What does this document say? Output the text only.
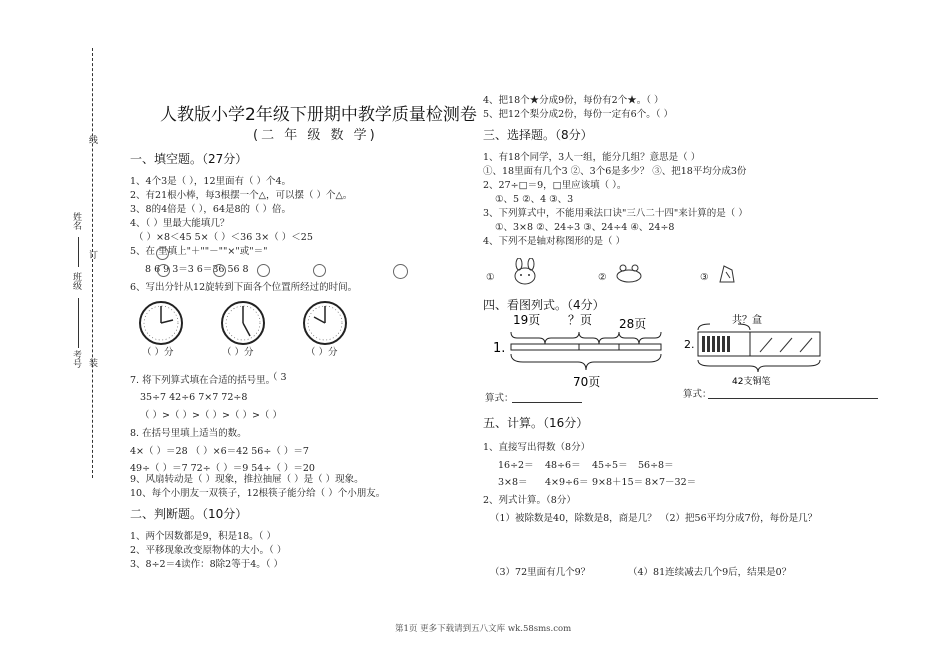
线
姓名
订
班级
考号 装
人教版小学2年级下册期中教学质量检测卷
(二 年 级 数 学)
一、填空题。（27分）
1、4个3是（ ），12里面有（ ）个4。
2、有21根小棒，每3根摆一个△，可以摆（ ）个△。
3、8的4倍是（ ），64是8的（ ）倍。
4、（ ）里最大能填几？
（ ）×8＜45 5×（ ）＜36 3×（ ）＜25
5、在 里填上"＋""－""×"或"＝"
8 6 9 3＝3 6＝36 56 8
6、写出分针从12旋转到下面各个位置所经过的时间。
（ ）分	（ ）分	（ ）分
7. 将下列算式填在合适的括号里。
（ 3
35÷7 42÷6 7×7 72÷8
（ ）>（ ）>（ ）>（ ）>（ ）
8. 在括号里填上适当的数。
4×（ ）＝28 （ ）×6＝42 56÷（ ）＝7
49÷（ ）＝7 72÷（ ）＝9 54÷（ ）＝20
9、风扇转动是（ ）现象，推拉抽屉（ ）是（ ）现象。
10、每个小朋友一双筷子，12根筷子能分给（ ）个小朋友。
二、判断题。（10分）
1、两个因数都是9，积是18。（ ）
2、平移现象改变原物体的大小。（ ）
3、8÷2＝4读作：8除2等于4。（ ）
4、把18个★分成9份，每份有2个★。（ ）
5、把12个梨分成2份，每份一定有6个。（ ）
三、选择题。（8分）
1、有18个同学，3人一组，能分几组？意思是（ ）
①、18里面有几个3 ②、3个6是多少？ ③、把18平均分成3份
2、27÷□＝9，□里应该填（ ）。
①、5 ②、4 ③、3
3、下列算式中，不能用乘法口诀"三八二十四"来计算的是（ ）
①、3×8 ②、24÷3 ③、24÷4 ④、24÷8
4、下列不是轴对称图形的是（ ）
①	②	③
四、看图列式。（4分）
1.
19页 ？页 28页
70页
2.
共？盒
42支铜笔
算式：	算式：
五、计算。（16分）
1、直接写出得数（8分）
16÷2＝ 48÷6＝ 45÷5＝ 56÷8＝
3×8＝ 4×9÷6＝ 9×8＋15＝ 8×7－32＝
2、列式计算。（8分）
（1）被除数是40，除数是8，商是几？ （2）把56平均分成7份，每份是几？
（3）72里面有几个9？	（4）81连续减去几个9后，结果是0？
第1页 更多下载请到五八文库 wk.58sms.com
